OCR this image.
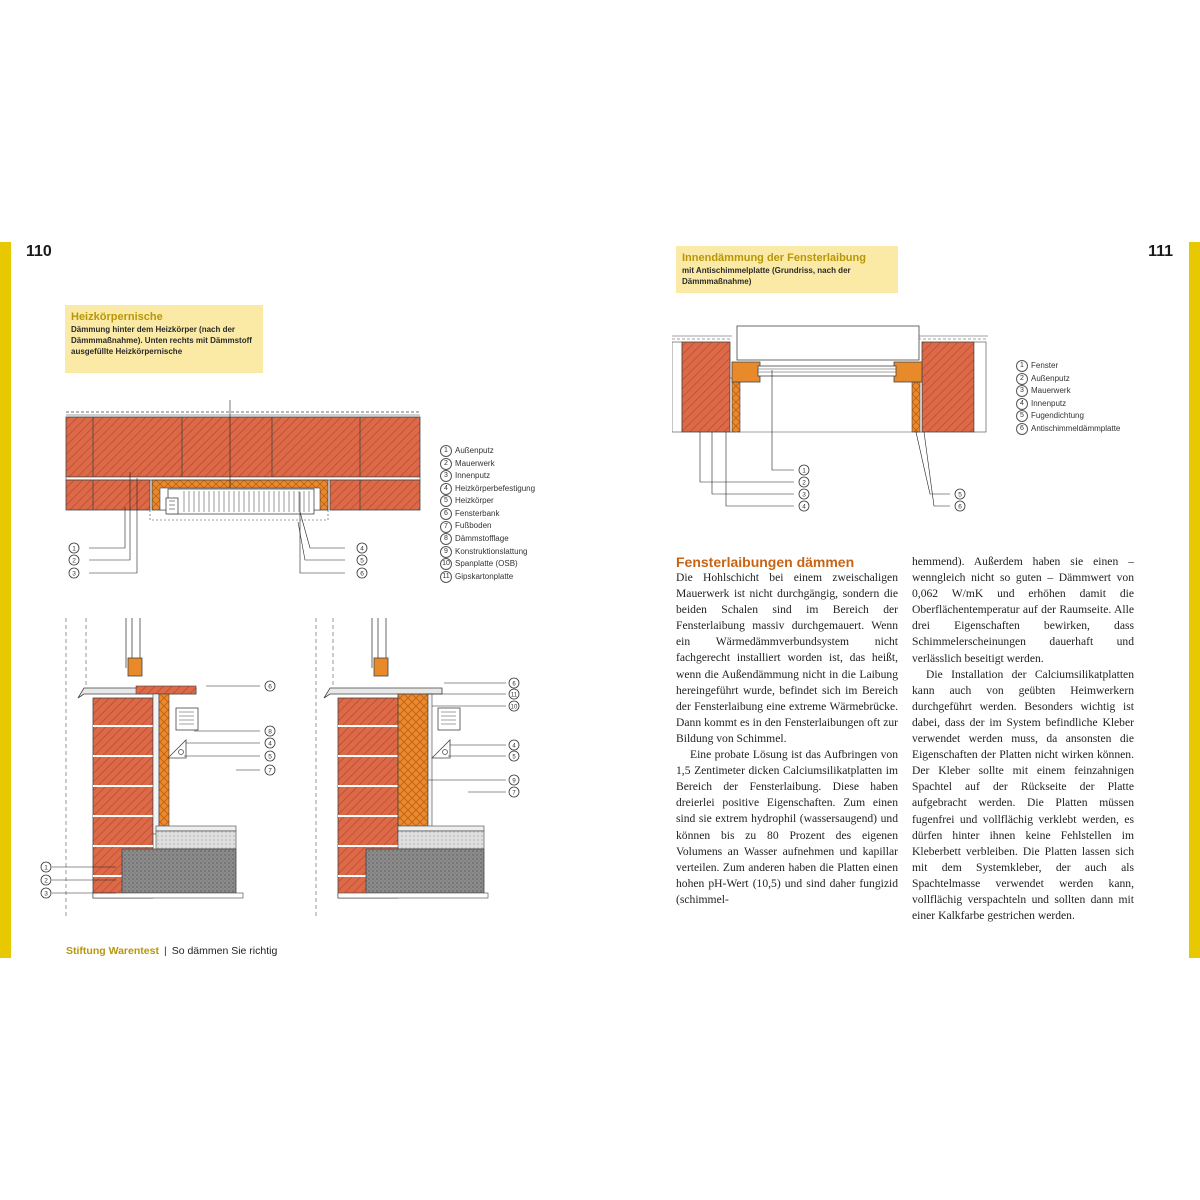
110	111
Heizkörpernische
Dämmung hinter dem Heizkörper (nach der Dämmmaßnahme). Unten rechts mit Dämmstoff ausgefüllte Heizkörpernische
1
2
3
4
5
6
1 Außenputz
2 Mauerwerk
3 Innenputz
4 Heizkörperbefestigung
5 Heizkörper
6 Fensterbank
7 Fußboden
8 Dämmstofflage
9 Konstruktionslattung
10 Spanplatte (OSB)
11 Gipskartonplatte
6
8
4
5
7
1
2
3
6
11
10
4
5
9
7
Stiftung Warentest | So dämmen Sie richtig
Innendämmung der Fensterlaibung
mit Antischimmelplatte (Grundriss, nach der Dämmmaßnahme)
1
2
3
4
5
6
1 Fenster
2 Außenputz
3 Mauerwerk
4 Innenputz
5 Fugendichtung
6 Antischimmeldämmplatte
Fensterlaibungen dämmen

Die Hohlschicht bei einem zweischaligen Mauerwerk ist nicht durchgängig, sondern die beiden Schalen sind im Bereich der Fensterlaibung massiv durchgemauert. Wenn ein Wärmedämmverbundsystem nicht fachgerecht installiert worden ist, das heißt, wenn die Außendämmung nicht in die Laibung hereingeführt wurde, befindet sich im Bereich der Fensterlaibung eine extreme Wärmebrücke. Dann kommt es in den Fensterlaibungen oft zur Bildung von Schimmel.

Eine probate Lösung ist das Aufbringen von 1,5 Zentimeter dicken Calciumsilikatplatten im Bereich der Fensterlaibung. Diese haben dreierlei positive Eigenschaften. Zum einen sind sie extrem hydrophil (wassersaugend) und können bis zu 80 Prozent des eigenen Volumens an Wasser aufnehmen und kapillar verteilen. Zum anderen haben die Platten einen hohen pH-Wert (10,5) und sind daher fungizid (schimmel-

hemmend). Außerdem haben sie einen – wenngleich nicht so guten – Dämmwert von 0,062 W/mK und erhöhen damit die Oberflächentemperatur auf der Raumseite. Alle drei Eigenschaften bewirken, dass Schimmelerscheinungen dauerhaft und verlässlich beseitigt werden.

Die Installation der Calciumsilikatplatten kann auch von geübten Heimwerkern durchgeführt werden. Besonders wichtig ist dabei, dass der im System befindliche Kleber verwendet werden muss, da ansonsten die Eigenschaften der Platten nicht wirken können. Der Kleber sollte mit einem feinzahnigen Spachtel auf der Rückseite der Platte aufgebracht werden. Die Platten müssen fugenfrei und vollflächig verklebt werden, es dürfen hinter ihnen keine Fehlstellen im Kleberbett verbleiben. Die Platten lassen sich mit dem Systemkleber, der auch als Spachtelmasse verwendet werden kann, vollflächig verspachteln und sollten dann mit einer Kalkfarbe gestrichen werden.
